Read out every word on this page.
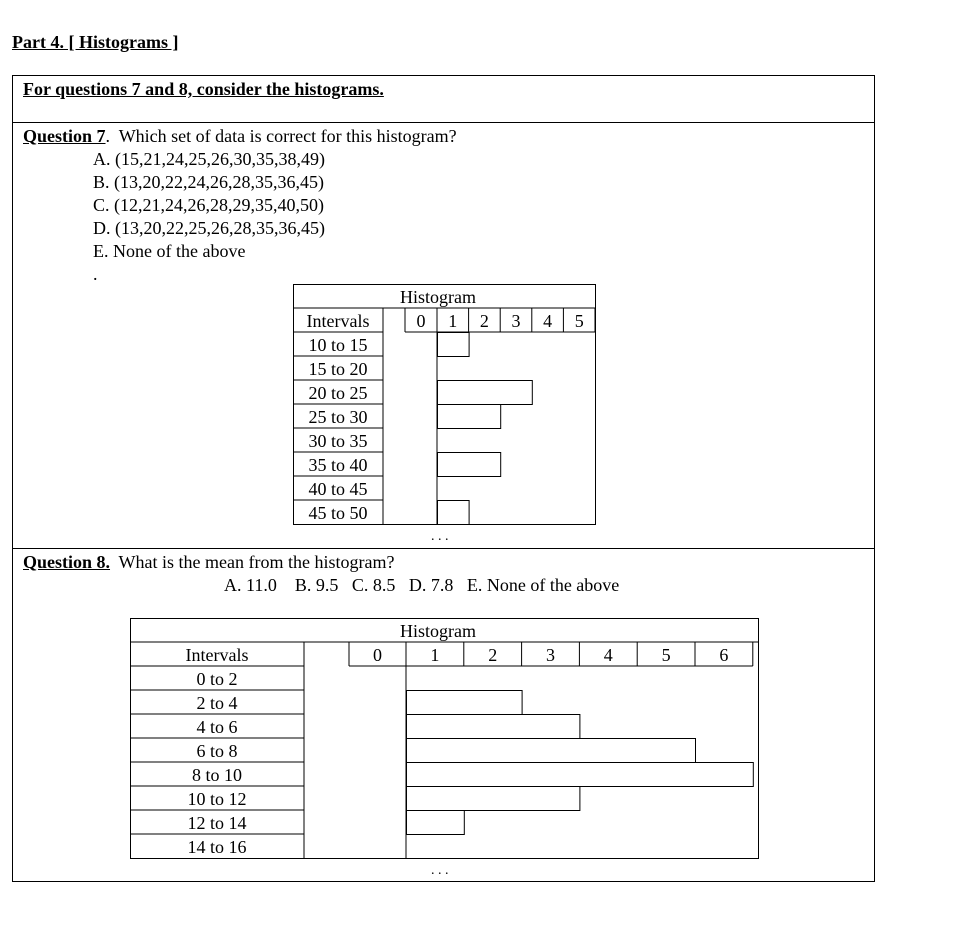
Part 4. [ Histograms ]
For questions 7 and 8, consider the histograms.
Question 7.  Which set of data is correct for this histogram?
A. (15,21,24,25,26,30,35,38,49)
B. (13,20,22,24,26,28,35,36,45)
C. (12,21,24,26,28,29,35,40,50)
D. (13,20,22,25,26,28,35,36,45)
E. None of the above
.
. . .
Question 8. What is the mean from the histogram?
A. 11.0    B. 9.5   C. 8.5   D. 7.8   E. None of the above
. . .
Histogram
Intervals	0 1 2 3 4 5
10 to 15
15 to 20
20 to 25
25 to 30
30 to 35
35 to 40
40 to 45
45 to 50
Histogram
Intervals	0	1	2	3	4	5	6
0 to 2
2 to 4
4 to 6
6 to 8
8 to 10
10 to 12
12 to 14
14 to 16
